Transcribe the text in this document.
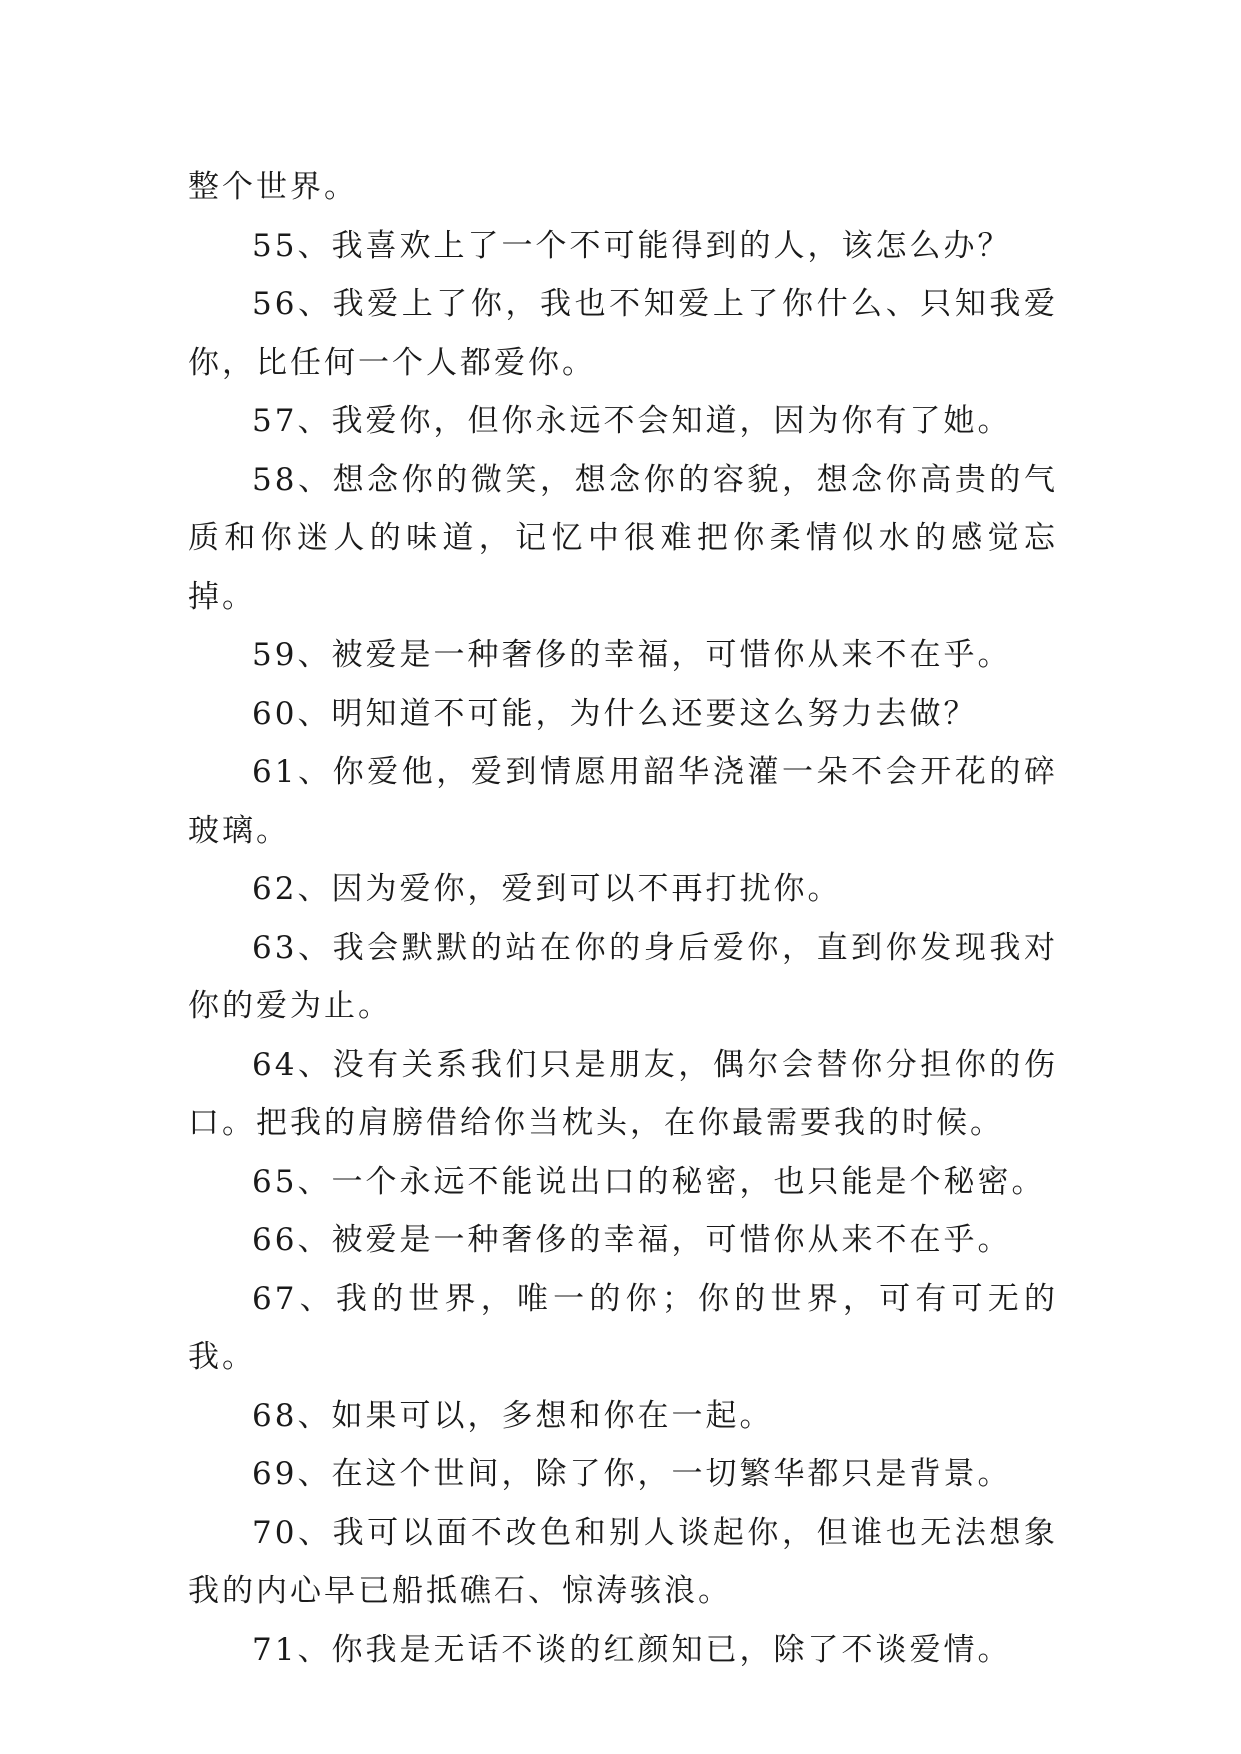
整个世界。

55、我喜欢上了一个不可能得到的人，该怎么办？

56、我爱上了你，我也不知爱上了你什么、只知我爱你，比任何一个人都爱你。

57、我爱你，但你永远不会知道，因为你有了她。

58、想念你的微笑，想念你的容貌，想念你高贵的气质和你迷人的味道，记忆中很难把你柔情似水的感觉忘掉。

59、被爱是一种奢侈的幸福，可惜你从来不在乎。

60、明知道不可能，为什么还要这么努力去做？

61、你爱他，爱到情愿用韶华浇灌一朵不会开花的碎玻璃。

62、因为爱你，爱到可以不再打扰你。

63、我会默默的站在你的身后爱你，直到你发现我对你的爱为止。

64、没有关系我们只是朋友，偶尔会替你分担你的伤口。把我的肩膀借给你当枕头，在你最需要我的时候。

65、一个永远不能说出口的秘密，也只能是个秘密。

66、被爱是一种奢侈的幸福，可惜你从来不在乎。

67、我的世界，唯一的你；你的世界，可有可无的我。

68、如果可以，多想和你在一起。

69、在这个世间，除了你，一切繁华都只是背景。

70、我可以面不改色和别人谈起你，但谁也无法想象我的内心早已船抵礁石、惊涛骇浪。

71、你我是无话不谈的红颜知已，除了不谈爱情。
